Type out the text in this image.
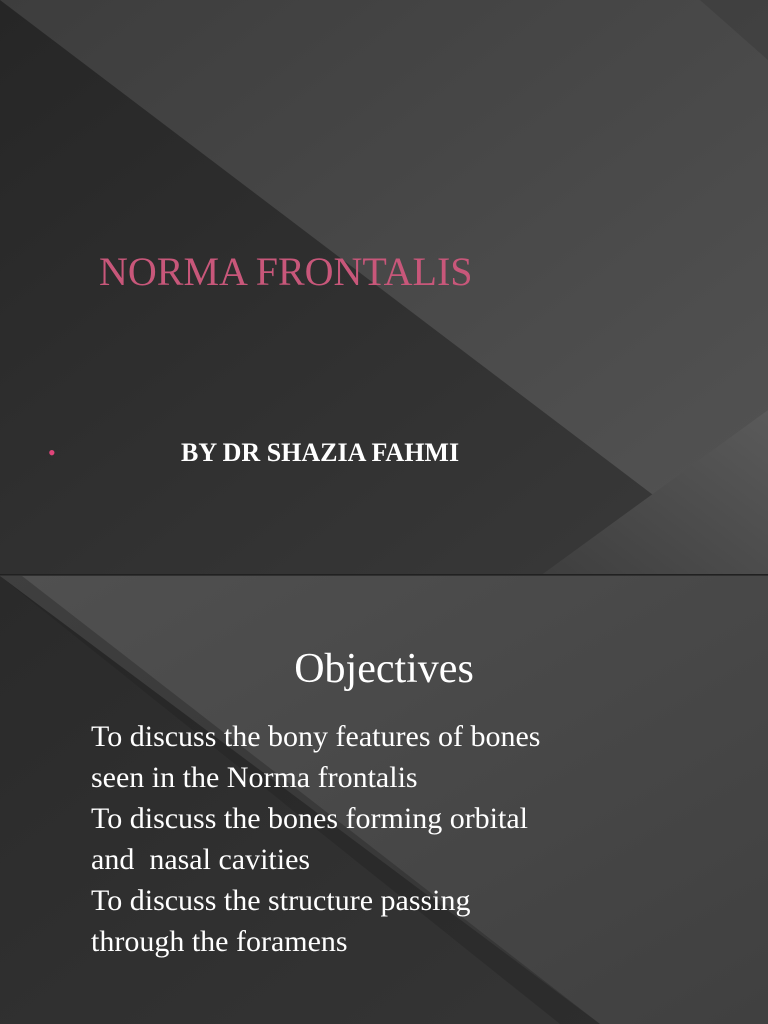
NORMA FRONTALIS

•	BY DR SHAZIA FAHMI

Objectives

To discuss the bony features of bones
seen in the Norma frontalis
To discuss the bones forming orbital
and  nasal cavities
To discuss the structure passing
through the foramens
